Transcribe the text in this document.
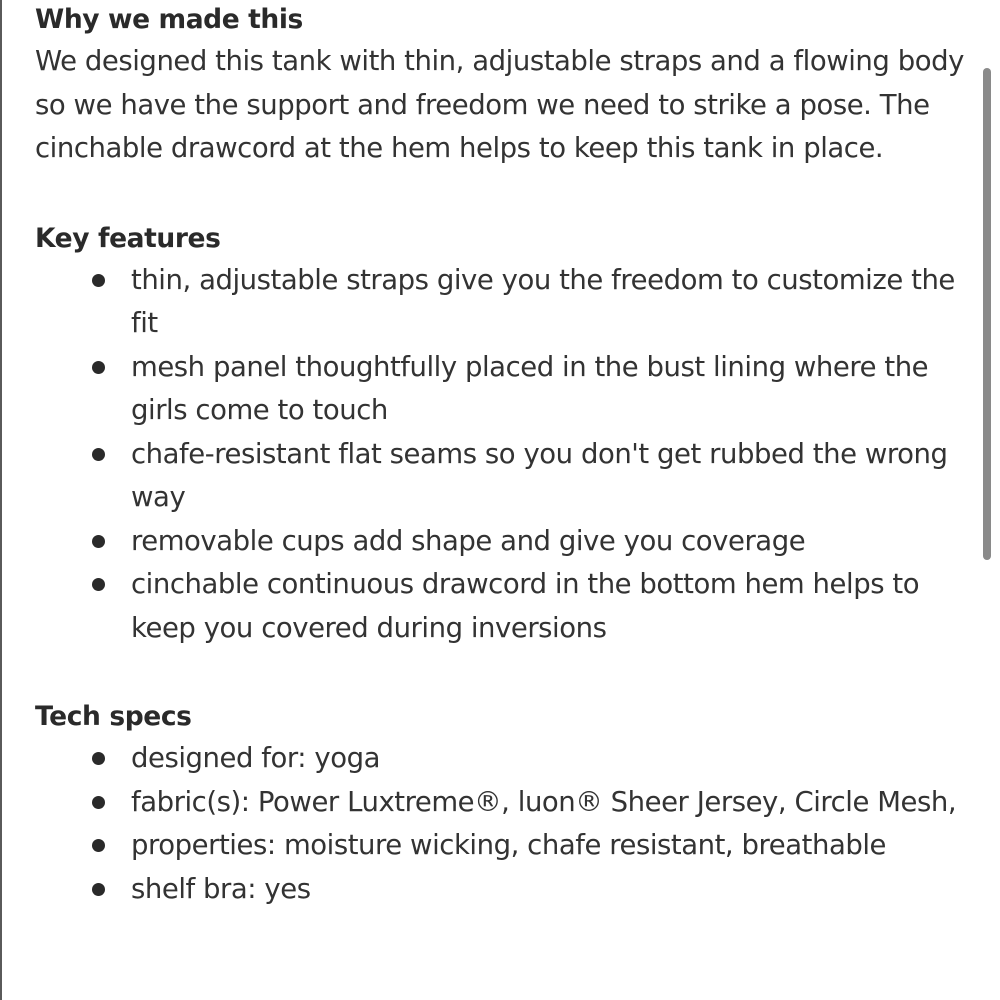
Why we made this

We designed this tank with thin, adjustable straps and a flowing body so we have the support and freedom we need to strike a pose. The cinchable drawcord at the hem helps to keep this tank in place.

Key features
thin, adjustable straps give you the freedom to customize the fit
mesh panel thoughtfully placed in the bust lining where the girls come to touch
chafe-resistant flat seams so you don't get rubbed the wrong way
removable cups add shape and give you coverage
cinchable continuous drawcord in the bottom hem helps to keep you covered during inversions
Tech specs
designed for: yoga
fabric(s): Power Luxtreme®, luon® Sheer Jersey, Circle Mesh,
properties: moisture wicking, chafe resistant, breathable
shelf bra: yes
